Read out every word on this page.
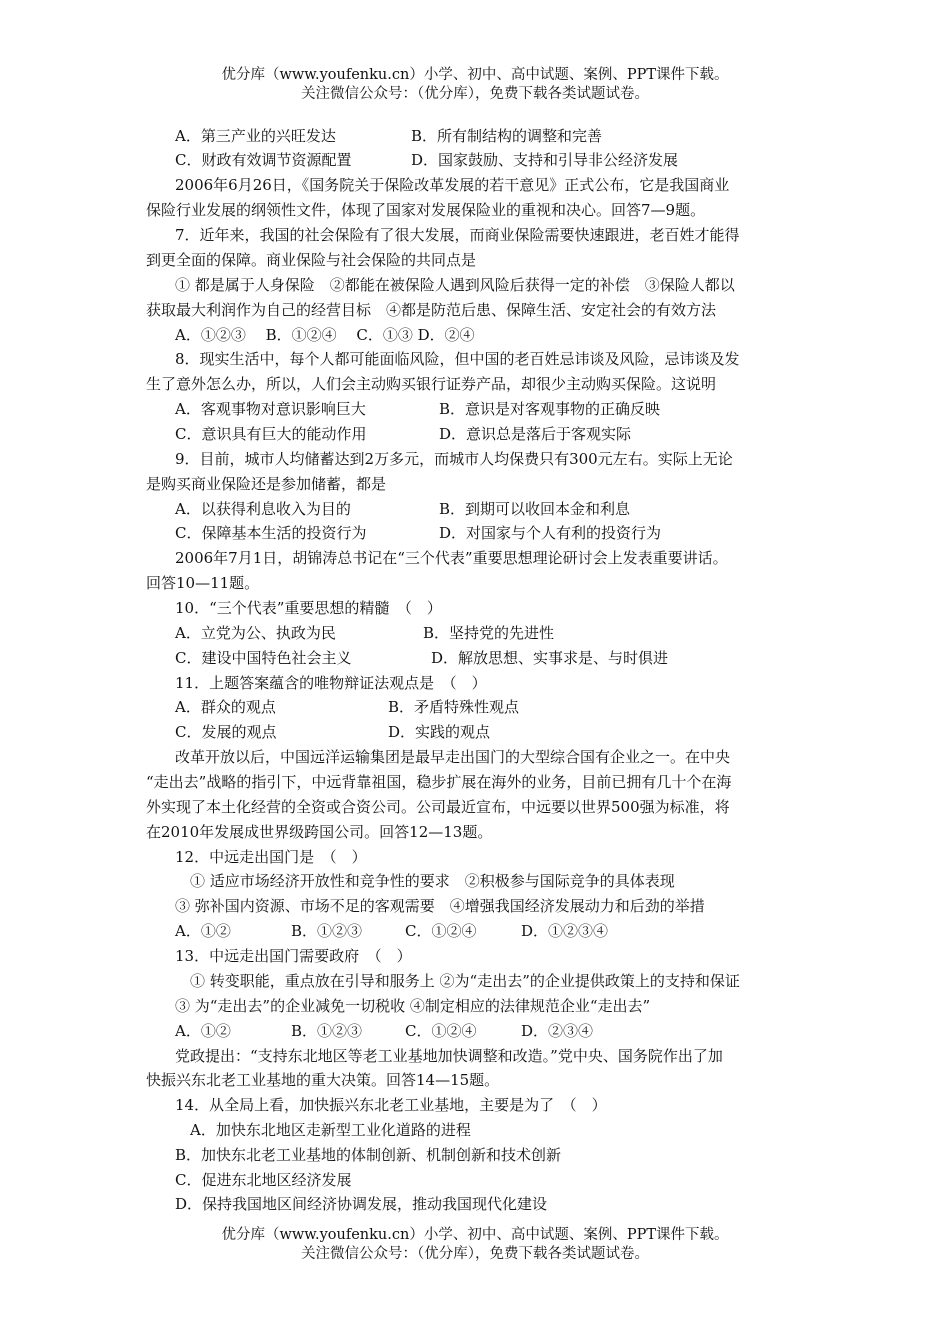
优分库（www.youfenku.cn）小学、初中、高中试题、案例、PPT课件下载。
关注微信公众号：（优分库），免费下载各类试题试卷。
A．第三产业的兴旺发达	B．所有制结构的调整和完善
C．财政有效调节资源配置	D．国家鼓励、支持和引导非公经济发展
2006年6月26日，《国务院关于保险改革发展的若干意见》正式公布，它是我国商业
保险行业发展的纲领性文件，体现了国家对发展保险业的重视和决心。回答7—9题。
7．近年来，我国的社会保险有了很大发展，而商业保险需要快速跟进，老百姓才能得
到更全面的保障。商业保险与社会保险的共同点是
① 都是属于人身保险　②都能在被保险人遇到风险后获得一定的补偿　③保险人都以
获取最大利润作为自己的经营目标　④都是防范后患、保障生活、安定社会的有效方法
A．①②③　 B．①②④　 C．①③ D．②④
8．现实生活中，每个人都可能面临风险，但中国的老百姓忌讳谈及风险，忌讳谈及发
生了意外怎么办，所以，人们会主动购买银行证券产品，却很少主动购买保险。这说明
A．客观事物对意识影响巨大	B．意识是对客观事物的正确反映
C．意识具有巨大的能动作用	D．意识总是落后于客观实际
9．目前，城市人均储蓄达到2万多元，而城市人均保费只有300元左右。实际上无论
是购买商业保险还是参加储蓄，都是
A．以获得利息收入为目的	B．到期可以收回本金和利息
C．保障基本生活的投资行为	D．对国家与个人有利的投资行为
2006年7月1日，胡锦涛总书记在“三个代表”重要思想理论研讨会上发表重要讲话。
回答10—11题。
10．“三个代表”重要思想的精髓　（　）
A．立党为公、执政为民	B．坚持党的先进性
C．建设中国特色社会主义	D．解放思想、实事求是、与时俱进
11．上题答案蕴含的唯物辩证法观点是　（　）
A．群众的观点	B．矛盾特殊性观点
C．发展的观点	D．实践的观点
改革开放以后，中国远洋运输集团是最早走出国门的大型综合国有企业之一。在中央
“走出去”战略的指引下，中远背靠祖国，稳步扩展在海外的业务，目前已拥有几十个在海
外实现了本土化经营的全资或合资公司。公司最近宣布，中远要以世界500强为标准，将
在2010年发展成世界级跨国公司。回答12—13题。
12．中远走出国门是　（　）
① 适应市场经济开放性和竞争性的要求　②积极参与国际竞争的具体表现
③ 弥补国内资源、市场不足的客观需要　④增强我国经济发展动力和后劲的举措
A．①②	B．①②③	C．①②④	D．①②③④
13．中远走出国门需要政府　（　）
① 转变职能，重点放在引导和服务上 ②为“走出去”的企业提供政策上的支持和保证
③ 为“走出去”的企业减免一切税收 ④制定相应的法律规范企业“走出去”
A．①②	B．①②③	C．①②④	D．②③④
党政提出：“支持东北地区等老工业基地加快调整和改造。”党中央、国务院作出了加
快振兴东北老工业基地的重大决策。回答14—15题。
14．从全局上看，加快振兴东北老工业基地，主要是为了　（　）
A．加快东北地区走新型工业化道路的进程
B．加快东北老工业基地的体制创新、机制创新和技术创新
C．促进东北地区经济发展
D．保持我国地区间经济协调发展，推动我国现代化建设
优分库（www.youfenku.cn）小学、初中、高中试题、案例、PPT课件下载。
关注微信公众号：（优分库），免费下载各类试题试卷。
